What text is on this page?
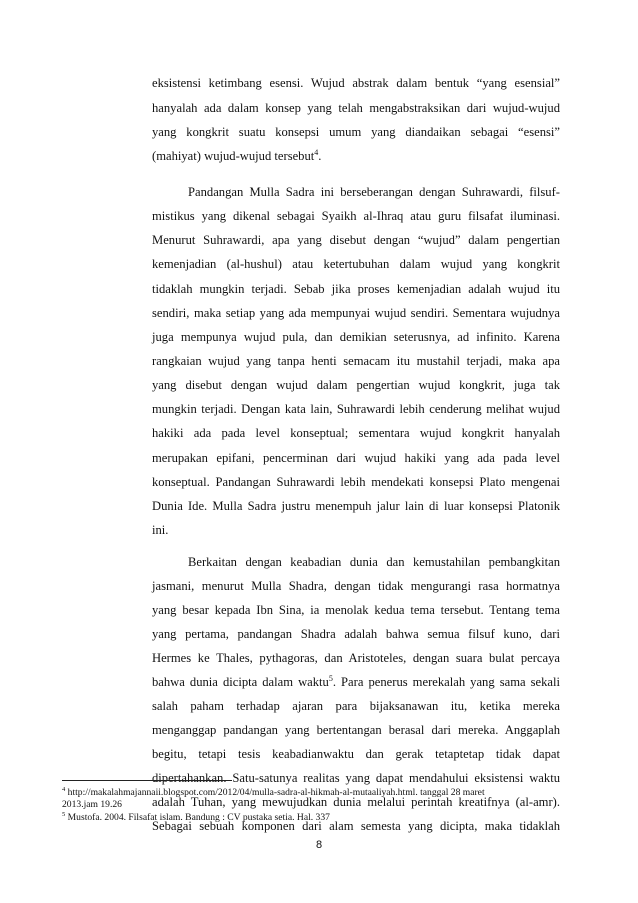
eksistensi ketimbang esensi. Wujud abstrak dalam bentuk “yang esensial”
hanyalah ada dalam konsep yang telah mengabstraksikan dari wujud-wujud
yang kongkrit suatu konsepsi umum yang diandaikan sebagai “esensi”
(mahiyat) wujud-wujud tersebut$^4$.
Pandangan Mulla Sadra ini berseberangan dengan Suhrawardi, filsuf-
mistikus yang dikenal sebagai Syaikh al-Ihraq atau guru filsafat iluminasi.
Menurut Suhrawardi, apa yang disebut dengan “wujud” dalam pengertian
kemenjadian (al-hushul) atau ketertubuhan dalam wujud yang kongkrit
tidaklah mungkin terjadi. Sebab jika proses kemenjadian adalah wujud itu
sendiri, maka setiap yang ada mempunyai wujud sendiri. Sementara wujudnya
juga mempunya wujud pula, dan demikian seterusnya, ad infinito. Karena
rangkaian wujud yang tanpa henti semacam itu mustahil terjadi, maka apa
yang disebut dengan wujud dalam pengertian wujud kongkrit, juga tak
mungkin terjadi. Dengan kata lain, Suhrawardi lebih cenderung melihat wujud
hakiki ada pada level konseptual; sementara wujud kongkrit hanyalah
merupakan epifani, pencerminan dari wujud hakiki yang ada pada level
konseptual. Pandangan Suhrawardi lebih mendekati konsepsi Plato mengenai
Dunia Ide. Mulla Sadra justru menempuh jalur lain di luar konsepsi Platonik
ini.
Berkaitan dengan keabadian dunia dan kemustahilan pembangkitan
jasmani, menurut Mulla Shadra, dengan tidak mengurangi rasa hormatnya
yang besar kepada Ibn Sina, ia menolak kedua tema tersebut. Tentang tema
yang pertama, pandangan Shadra adalah bahwa semua filsuf kuno, dari
Hermes ke Thales, pythagoras, dan Aristoteles, dengan suara bulat percaya
bahwa dunia dicipta dalam waktu$^5$. Para penerus merekalah yang sama sekali
salah paham terhadap ajaran para bijaksanawan itu, ketika mereka
menganggap pandangan yang bertentangan berasal dari mereka. Anggaplah
begitu, tetapi tesis keabadianwaktu dan gerak tetaptetap tidak dapat
dipertahankan. Satu-satunya realitas yang dapat mendahului eksistensi waktu
adalah Tuhan, yang mewujudkan dunia melalui perintah kreatifnya (al-amr).
Sebagai sebuah komponen dari alam semesta yang dicipta, maka tidaklah
$^4$ http://makalahmajannaii.blogspot.com/2012/04/mulla-sadra-al-hikmah-al-mutaaliyah.html. tanggal 28 maret
2013.jam 19.26
$^5$ Mustofa. 2004. Filsafat islam. Bandung : CV pustaka setia. Hal. 337
8
